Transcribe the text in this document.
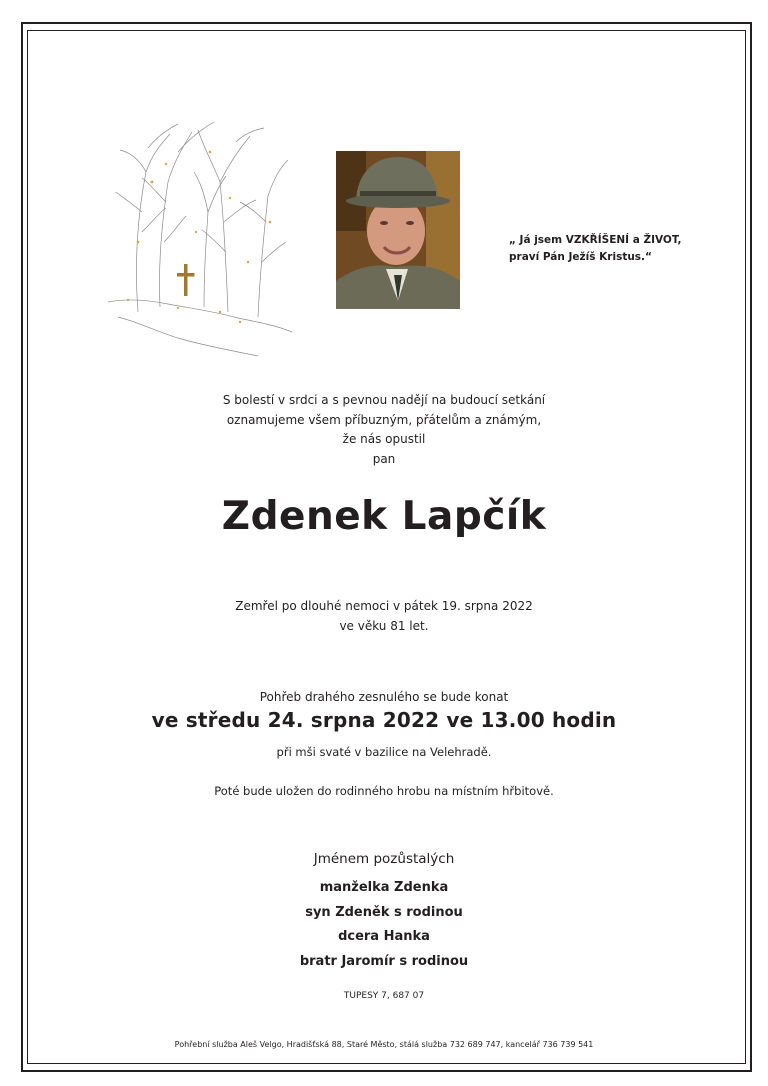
„ Já jsem VZKŘÍŠENÍ a ŽIVOT,
praví Pán Ježíš Kristus.“
S bolestí v srdci a s pevnou nadějí na budoucí setkání
oznamujeme všem příbuzným, přátelům a známým,
že nás opustil
pan
Zdenek Lapčík
Zemřel po dlouhé nemoci v pátek 19. srpna 2022
ve věku 81 let.
Pohřeb drahého zesnulého se bude konat
ve středu 24. srpna 2022 ve 13.00 hodin
při mši svaté v bazilice na Velehradě.
Poté bude uložen do rodinného hrobu na místním hřbitově.
Jménem pozůstalých
manželka Zdenka
syn Zdeněk s rodinou
dcera Hanka
bratr Jaromír s rodinou
TUPESY 7, 687 07
Pohřební služba Aleš Velgo, Hradišťská 88, Staré Město, stálá služba 732 689 747, kancelář 736 739 541
